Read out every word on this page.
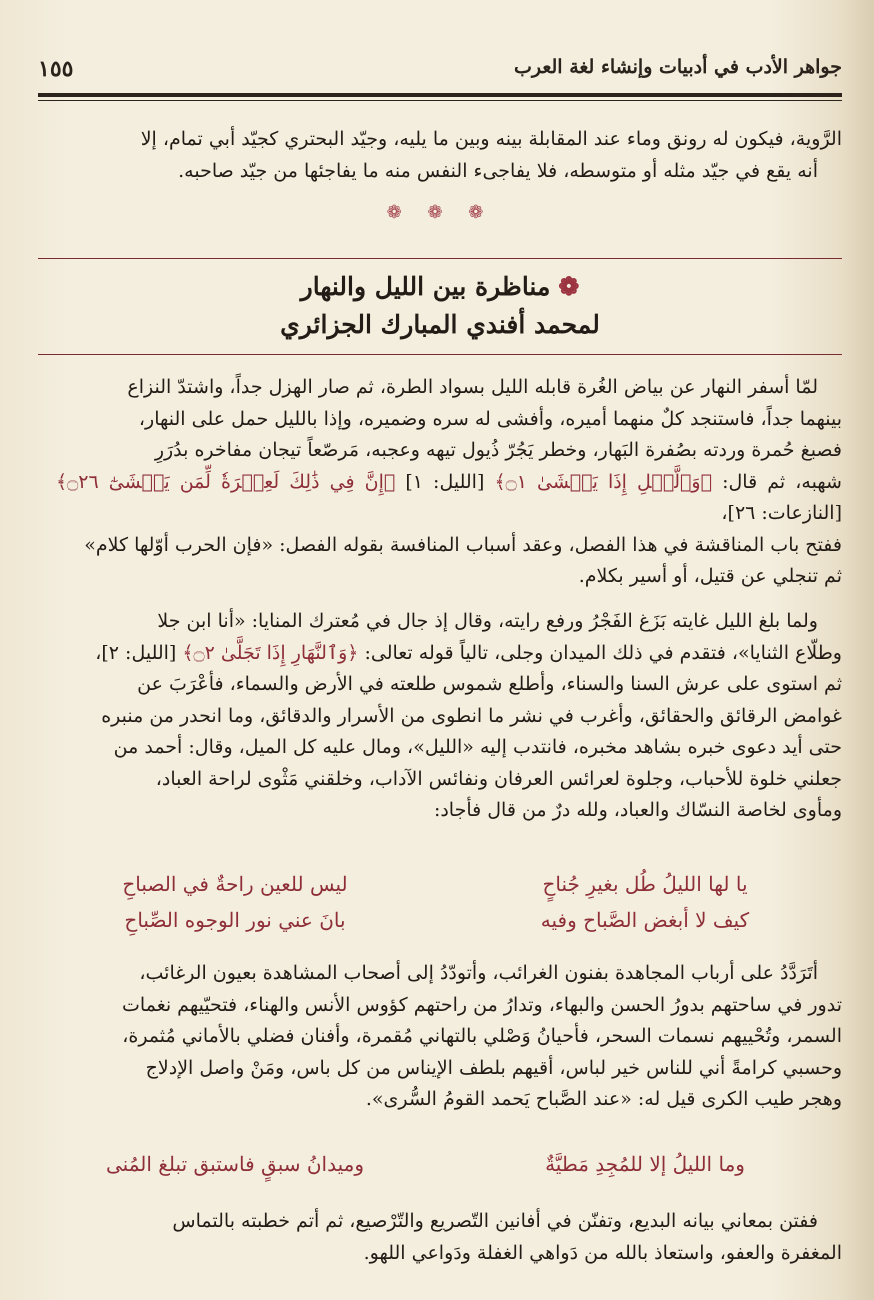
جواهر الأدب في أدبيات وإنشاء لغة العرب
١٥٥
الرَّوية، فيكون له رونق وماء عند المقابلة بينه وبين ما يليه، وجيّد البحتري كجيّد أبي تمام، إلا
أنه يقع في جيّد مثله أو متوسطه، فلا يفاجىء النفس منه ما يفاجئها من جيّد صاحبه.
❁ ❁ ❁
❁مناظرة بين الليل والنهار
لمحمد أفندي المبارك الجزائري
لمّا أسفر النهار عن بياض الغُرة قابله الليل بسواد الطرة، ثم صار الهزل جداً، واشتدّ النزاع
بينهما جداً، فاستنجد كلٌ منهما أميره، وأفشى له سره وضميره، وإذا بالليل حمل على النهار،
فصبغ حُمرة وردته بصُفرة البَهار، وخطر يَجُرّ ذُيول تيهه وعجبه، مَرصّعاً تيجان مفاخره بدُرَرِ
شهبه، ثم قال: ﴿وَٱلَّيۡلِ إِذَا يَغۡشَىٰ ۝١﴾ [الليل: ١] ﴿إِنَّ فِي ذَٰلِكَ لَعِبۡرَةٗ لِّمَن يَخۡشَىٰٓ ۝٢٦﴾ [النازعات: ٢٦]،
ففتح باب المناقشة في هذا الفصل، وعقد أسباب المنافسة بقوله الفصل: «فإن الحرب أوّلها كلام»
ثم تنجلي عن قتيل، أو أسير بكلام.
ولما بلغ الليل غايته بَزَغ الفَجْرُ ورفع رايته، وقال إذ جال في مُعترك المنايا: «أنا ابن جلا
وطلّاع الثنايا»، فتقدم في ذلك الميدان وجلى، تالياً قوله تعالى: ﴿وَٱلنَّهَارِ إِذَا تَجَلَّىٰ ۝٢﴾ [الليل: ٢]،
ثم استوى على عرش السنا والسناء، وأطلع شموس طلعته في الأرض والسماء، فأعْرَبَ عن
غوامض الرقائق والحقائق، وأغرب في نشر ما انطوى من الأسرار والدقائق، وما انحدر من منبره
حتى أيد دعوى خبره بشاهد مخبره، فانتدب إليه «الليل»، ومال عليه كل الميل، وقال: أحمد من
جعلني خلوة للأحباب، وجلوة لعرائس العرفان ونفائس الآداب، وخلقني مَثْوى لراحة العباد،
ومأوى لخاصة النسّاك والعباد، ولله درٌ من قال فأجاد:
يا لها الليلُ طُل بغيرِ جُناحٍ
ليس للعين راحةٌ في الصباحِ
كيف لا أبغض الصَّباح وفيه
بانَ عني نور الوجوه الصِّباحِ
أتَرَدَّدُ على أرباب المجاهدة بفنون الغرائب، وأتودّدُ إلى أصحاب المشاهدة بعيون الرغائب،
تدور في ساحتهم بدورُ الحسن والبهاء، وتدارُ من راحتهم كؤوس الأنس والهناء، فتحيّيهم نغمات
السمر، وتُحْييهم نسمات السحر، فأحيانُ وَصْلي بالتهاني مُقمرة، وأفنان فضلي بالأماني مُثمرة،
وحسبي كرامةً أني للناس خير لباس، أقيهم بلطف الإيناس من كل باس، ومَنْ واصل الإدلاج
وهجر طيب الكرى قيل له: «عند الصَّباح يَحمد القومُ السُّرى».
وما الليلُ إلا للمُجِدِ مَطيَّةٌ
وميدانُ سبقٍ فاستبق تبلغ المُنى
ففتن بمعاني بيانه البديع، وتفنّن في أفانين التّصريع والتّرْصيع، ثم أتم خطبته بالتماس
المغفرة والعفو، واستعاذ بالله من دَواهي الغفلة ودَواعي اللهو.
